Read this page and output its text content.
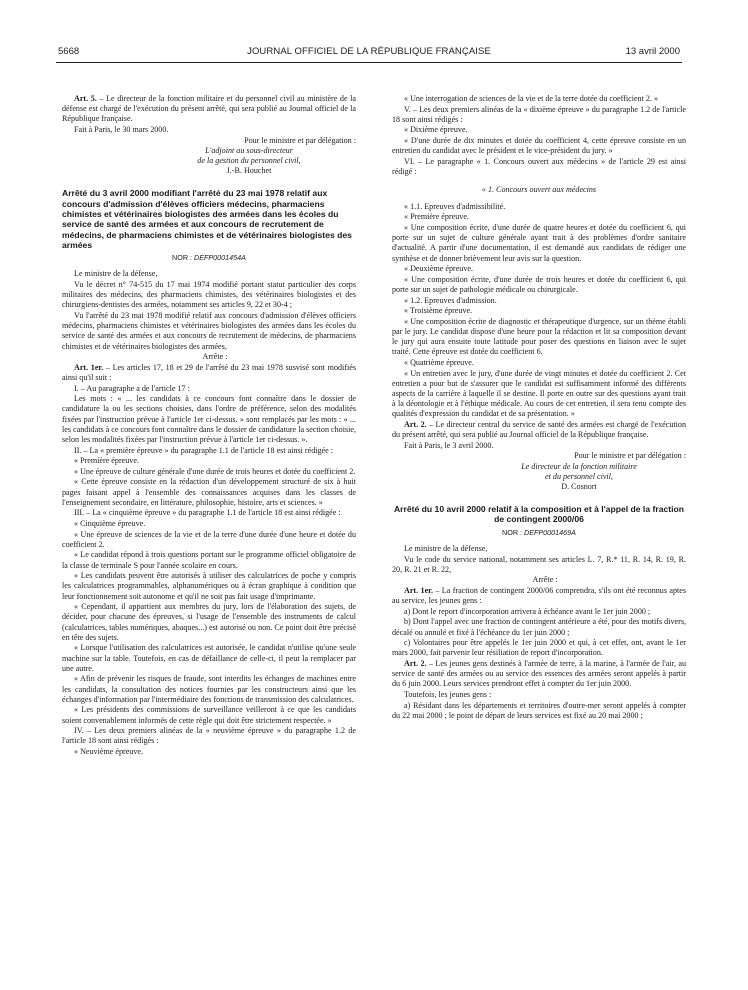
5668	JOURNAL OFFICIEL DE LA RÉPUBLIQUE FRANÇAISE	13 avril 2000

Art. 5. – Le directeur de la fonction militaire et du personnel civil au ministère de la défense est chargé de l'exécution du présent arrêté, qui sera publié au Journal officiel de la République française.

Fait à Paris, le 30 mars 2000.

Pour le ministre et par délégation :

L'adjoint au sous-directeur

de la gestion du personnel civil,

J.-B. Houchet

Arrêté du 3 avril 2000 modifiant l'arrêté du 23 mai 1978 relatif aux concours d'admission d'élèves officiers médecins, pharmaciens chimistes et vétérinaires biologistes des armées dans les écoles du service de santé des armées et aux concours de recrutement de médecins, de pharmaciens chimistes et de vétérinaires biologistes des armées

NOR : DEFP0001454A

Le ministre de la défense,

Vu le décret n° 74-515 du 17 mai 1974 modifié portant statut particulier des corps militaires des médecins, des pharmaciens chimistes, des vétérinaires biologistes et des chirurgiens-dentistes des armées, notamment ses articles 9, 22 et 30-4 ;

Vu l'arrêté du 23 mai 1978 modifié relatif aux concours d'admission d'élèves officiers médecins, pharmaciens chimistes et vétérinaires biologistes des armées dans les écoles du service de santé des armées et aux concours de recrutement de médecins, de pharmaciens chimistes et de vétérinaires biologistes des armées,

Arrête :

Art. 1er. – Les articles 17, 18 et 29 de l'arrêté du 23 mai 1978 susvisé sont modifiés ainsi qu'il suit :

I. – Au paragraphe a de l'article 17 :

Les mots : « ... les candidats à ce concours font connaître dans le dossier de candidature la ou les sections choisies, dans l'ordre de préférence, selon des modalités fixées par l'instruction prévue à l'article 1er ci-dessus. » sont remplacés par les mots : « ... les candidats à ce concours font connaître dans le dossier de candidature la section choisie, selon les modalités fixées par l'instruction prévue à l'article 1er ci-dessus. ».

II. – La « première épreuve » du paragraphe 1.1 de l'article 18 est ainsi rédigée :

« Première épreuve.

« Une épreuve de culture générale d'une durée de trois heures et dotée du coefficient 2.

« Cette épreuve consiste en la rédaction d'un développement structuré de six à huit pages faisant appel à l'ensemble des connaissances acquises dans les classes de l'enseignement secondaire, en littérature, philosophie, histoire, arts et sciences. »

III. – La « cinquième épreuve » du paragraphe 1.1 de l'article 18 est ainsi rédigée :

« Cinquième épreuve.

« Une épreuve de sciences de la vie et de la terre d'une durée d'une heure et dotée du coefficient 2.

« Le candidat répond à trois questions portant sur le programme officiel obligatoire de la classe de terminale S pour l'année scolaire en cours.

« Les candidats peuvent être autorisés à utiliser des calculatrices de poche y compris les calculatrices programmables, alphanumériques ou à écran graphique à condition que leur fonctionnement soit autonome et qu'il ne soit pas fait usage d'imprimante.

« Cependant, il appartient aux membres du jury, lors de l'élaboration des sujets, de décider, pour chacune des épreuves, si l'usage de l'ensemble des instruments de calcul (calculatrices, tables numériques, abaques...) est autorisé ou non. Ce point doit être précisé en tête des sujets.

« Lorsque l'utilisation des calculatrices est autorisée, le candidat n'utilise qu'une seule machine sur la table. Toutefois, en cas de défaillance de celle-ci, il peut la remplacer par une autre.

« Afin de prévenir les risques de fraude, sont interdits les échanges de machines entre les candidats, la consultation des notices fournies par les constructeurs ainsi que les échanges d'information par l'intermédiaire des fonctions de transmission des calculatrices.

« Les présidents des commissions de surveillance veilleront à ce que les candidats soient convenablement informés de cette règle qui doit être strictement respectée. »

IV. – Les deux premiers alinéas de la « neuvième épreuve » du paragraphe 1.2 de l'article 18 sont ainsi rédigés :

« Neuvième épreuve.

« Une interrogation de sciences de la vie et de la terre dotée du coefficient 2. »

V. – Les deux premiers alinéas de la « dixième épreuve » du paragraphe 1.2 de l'article 18 sont ainsi rédigés :

« Dixième épreuve.

« D'une durée de dix minutes et dotée du coefficient 4, cette épreuve consiste en un entretien du candidat avec le président et le vice-président du jury. »

VI. – Le paragraphe « 1. Concours ouvert aux médecins » de l'article 29 est ainsi rédigé :

« 1. Concours ouvert aux médecins

« 1.1. Epreuves d'admissibilité.

« Première épreuve.

« Une composition écrite, d'une durée de quatre heures et dotée du coefficient 6, qui porte sur un sujet de culture générale ayant trait à des problèmes d'ordre sanitaire d'actualité. A partir d'une documentation, il est demandé aux candidats de rédiger une synthèse et de donner brièvement leur avis sur la question.

« Deuxième épreuve.

« Une composition écrite, d'une durée de trois heures et dotée du coefficient 6, qui porte sur un sujet de pathologie médicale ou chirurgicale.

« 1.2. Epreuves d'admission.

« Troisième épreuve.

« Une composition écrite de diagnostic et thérapeutique d'urgence, sur un thème établi par le jury. Le candidat dispose d'une heure pour la rédaction et lit sa composition devant le jury qui aura ensuite toute latitude pour poser des questions en liaison avec le sujet traité. Cette épreuve est dotée du coefficient 6.

« Quatrième épreuve.

« Un entretien avec le jury, d'une durée de vingt minutes et dotée du coefficient 2. Cet entretien a pour but de s'assurer que le candidat est suffisamment informé des différents aspects de la carrière à laquelle il se destine. Il porte en outre sur des questions ayant trait à la déontologie et à l'éthique médicale. Au cours de cet entretien, il sera tenu compte des qualités d'expression du candidat et de sa présentation. »

Art. 2. – Le directeur central du service de santé des armées est chargé de l'exécution du présent arrêté, qui sera publié au Journal officiel de la République française.

Fait à Paris, le 3 avril 2000.

Pour le ministre et par délégation :

Le directeur de la fonction militaire

et du personnel civil,

D. Cosnort

Arrêté du 10 avril 2000 relatif à la composition et à l'appel de la fraction de contingent 2000/06

NOR : DEFP0001469A

Le ministre de la défense,

Vu le code du service national, notamment ses articles L. 7, R.* 11, R. 14, R. 19, R. 20, R. 21 et R. 22,

Arrête :

Art. 1er. – La fraction de contingent 2000/06 comprendra, s'ils ont été reconnus aptes au service, les jeunes gens :

a) Dont le report d'incorporation arrivera à échéance avant le 1er juin 2000 ;

b) Dont l'appel avec une fraction de contingent antérieure a été, pour des motifs divers, décalé ou annulé et fixé à l'échéance du 1er juin 2000 ;

c) Volontaires pour être appelés le 1er juin 2000 et qui, à cet effet, ont, avant le 1er mars 2000, fait parvenir leur résiliation de report d'incorporation.

Art. 2. – Les jeunes gens destinés à l'armée de terre, à la marine, à l'armée de l'air, au service de santé des armées ou au service des essences des armées seront appelés à partir du 6 juin 2000. Leurs services prendront effet à compter du 1er juin 2000.

Toutefois, les jeunes gens :

a) Résidant dans les départements et territoires d'outre-mer seront appelés à compter du 22 mai 2000 ; le point de départ de leurs services est fixé au 20 mai 2000 ;
